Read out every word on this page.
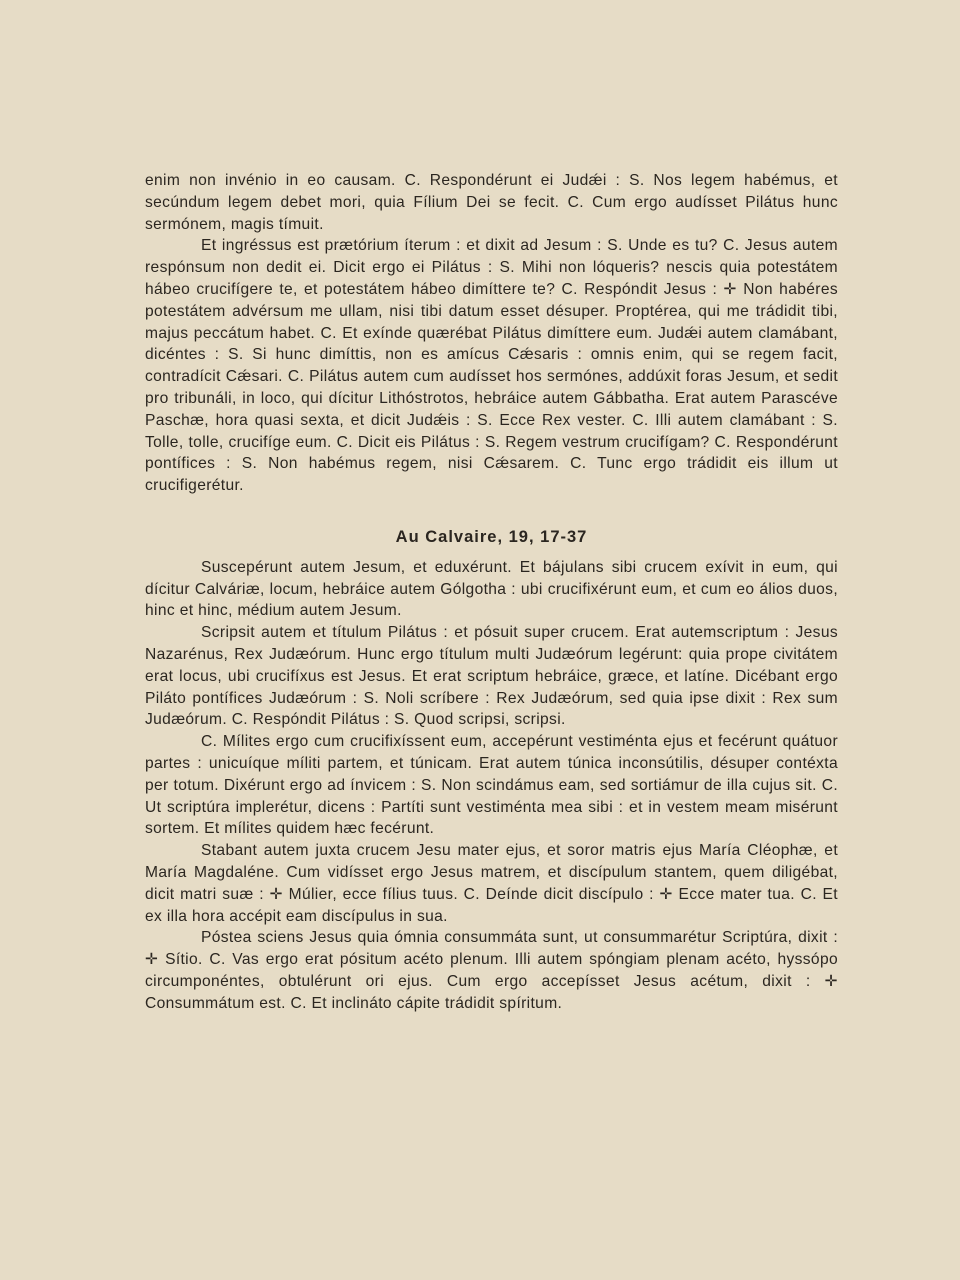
enim non invénio in eo causam. C. Respondérunt ei Judǽi : S. Nos legem habémus, et secúndum legem debet mori, quia Fílium Dei se fecit. C. Cum ergo audísset Pilátus hunc sermónem, magis tímuit.

Et ingréssus est prætórium íterum : et dixit ad Jesum : S. Unde es tu? C. Jesus autem respónsum non dedit ei. Dicit ergo ei Pilátus : S. Mihi non lóqueris? nescis quia potestátem hábeo crucifígere te, et potestátem hábeo dimíttere te? C. Respóndit Jesus : ✛ Non habéres potestátem advérsum me ullam, nisi tibi datum esset désuper. Proptérea, qui me trádidit tibi, majus peccátum habet. C. Et exínde quærébat Pilátus dimíttere eum. Judǽi autem clamábant, dicéntes : S. Si hunc dimíttis, non es amícus Cǽsaris : omnis enim, qui se regem facit, contradícit Cǽsari. C. Pilátus autem cum audísset hos sermónes, addúxit foras Jesum, et sedit pro tribunáli, in loco, qui dícitur Lithóstrotos, hebráice autem Gábbatha. Erat autem Parascéve Paschæ, hora quasi sexta, et dicit Judǽis : S. Ecce Rex vester. C. Illi autem clamábant : S. Tolle, tolle, crucifíge eum. C. Dicit eis Pilátus : S. Regem vestrum crucifígam? C. Respondérunt pontífices : S. Non habémus regem, nisi Cǽsarem. C. Tunc ergo trádidit eis illum ut crucifigerétur.

Au Calvaire, 19, 17-37

Suscepérunt autem Jesum, et eduxérunt. Et bájulans sibi crucem exívit in eum, qui dícitur Calváriæ, locum, hebráice autem Gólgotha : ubi crucifixérunt eum, et cum eo álios duos, hinc et hinc, médium autem Jesum.

Scripsit autem et títulum Pilátus : et pósuit super crucem. Erat autemscriptum : Jesus Nazarénus, Rex Judæórum. Hunc ergo títulum multi Judæórum legérunt: quia prope civitátem erat locus, ubi crucifíxus est Jesus. Et erat scriptum hebráice, græce, et latíne. Dicébant ergo Piláto pontífices Judæórum : S. Noli scríbere : Rex Judæórum, sed quia ipse dixit : Rex sum Judæórum. C. Respóndit Pilátus : S. Quod scripsi, scripsi.

C. Mílites ergo cum crucifixíssent eum, accepérunt vestiménta ejus et fecérunt quátuor partes : unicuíque míliti partem, et túnicam. Erat autem túnica inconsútilis, désuper contéxta per totum. Dixérunt ergo ad ínvicem : S. Non scindámus eam, sed sortiámur de illa cujus sit. C. Ut scriptúra implerétur, dicens : Partíti sunt vestiménta mea sibi : et in vestem meam misérunt sortem. Et mílites quidem hæc fecérunt.

Stabant autem juxta crucem Jesu mater ejus, et soror matris ejus María Cléophæ, et María Magdaléne. Cum vidísset ergo Jesus matrem, et discípulum stantem, quem diligébat, dicit matri suæ : ✛ Múlier, ecce fílius tuus. C. Deínde dicit discípulo : ✛ Ecce mater tua. C. Et ex illa hora accépit eam discípulus in sua.

Póstea sciens Jesus quia ómnia consummáta sunt, ut consummarétur Scriptúra, dixit : ✛ Sítio. C. Vas ergo erat pósitum acéto plenum. Illi autem spóngiam plenam acéto, hyssópo circumponéntes, obtulérunt ori ejus. Cum ergo accepísset Jesus acétum, dixit : ✛ Consummátum est. C. Et inclináto cápite trádidit spíritum.
